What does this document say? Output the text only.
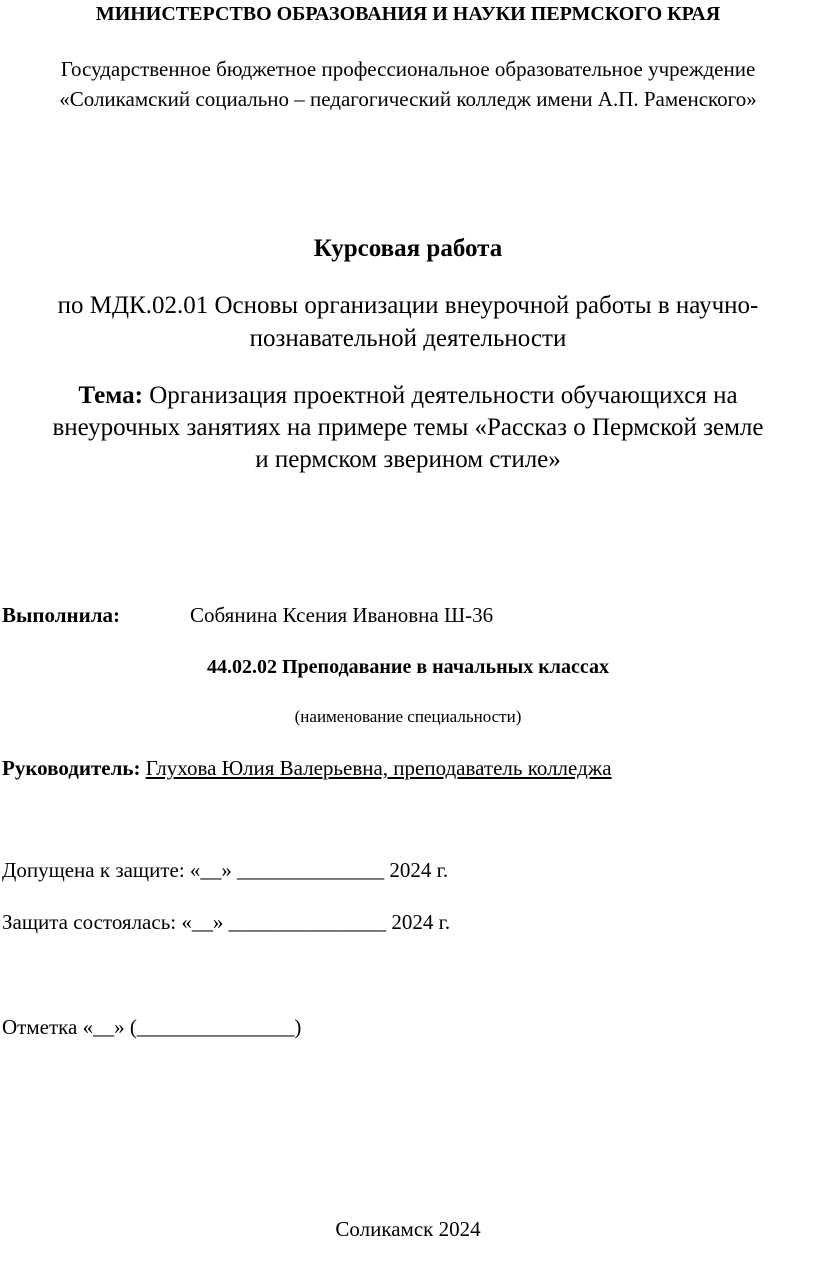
МИНИСТЕРСТВО ОБРАЗОВАНИЯ И НАУКИ ПЕРМСКОГО КРАЯ
Государственное бюджетное профессиональное образовательное учреждение
«Соликамский социально – педагогический колледж имени А.П. Раменского»
Курсовая работа
по МДК.02.01 Основы организации внеурочной работы в научно-
познавательной деятельности
Тема: Организация проектной деятельности обучающихся на
внеурочных занятиях на примере темы «Рассказ о Пермской земле
и пермском зверином стиле»
Выполнила:	Собянина Ксения Ивановна Ш-36
44.02.02 Преподавание в начальных классах
(наименование специальности)
Руководитель: Глухова Юлия Валерьевна, преподаватель колледжа
Допущена к защите: «__» ______________ 2024 г.
Защита состоялась: «__» _______________ 2024 г.
Отметка «__» (_______________)
Соликамск 2024
